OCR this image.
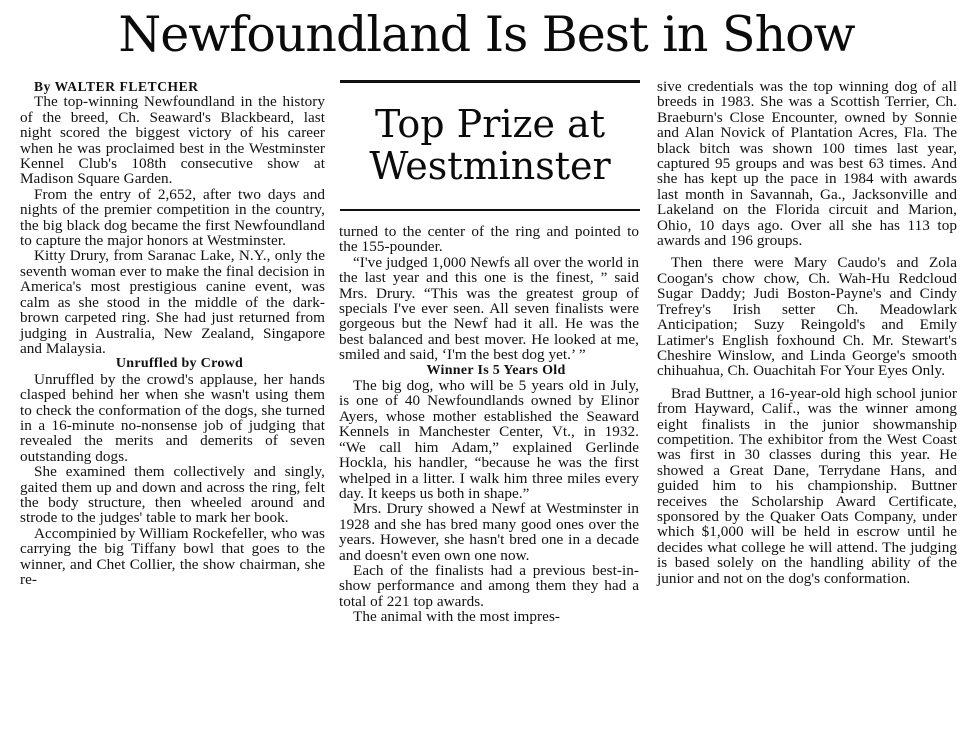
Newfoundland Is Best in Show

By WALTER FLETCHER

The top-winning Newfoundland in the history of the breed, Ch. Seaward's Blackbeard, last night scored the biggest victory of his career when he was proclaimed best in the Westminster Kennel Club's 108th consecutive show at Madison Square Garden.

From the entry of 2,652, after two days and nights of the premier competition in the country, the big black dog became the first Newfoundland to capture the major honors at Westminster.

Kitty Drury, from Saranac Lake, N.Y., only the seventh woman ever to make the final decision in America's most prestigious canine event, was calm as she stood in the middle of the dark-brown carpeted ring. She had just returned from judging in Australia, New Zealand, Singapore and Malaysia.

Unruffled by Crowd

Unruffled by the crowd's applause, her hands clasped behind her when she wasn't using them to check the conformation of the dogs, she turned in a 16-minute no-nonsense job of judging that revealed the merits and demerits of seven outstanding dogs.

She examined them collectively and singly, gaited them up and down and across the ring, felt the body structure, then wheeled around and strode to the judges' table to mark her book.

Accompinied by William Rockefeller, who was carrying the big Tiffany bowl that goes to the winner, and Chet Collier, the show chairman, she re-

Top Prize at
Westminster

turned to the center of the ring and pointed to the 155-pounder.

“I've judged 1,000 Newfs all over the world in the last year and this one is the finest, ” said Mrs. Drury. “This was the greatest group of specials I've ever seen. All seven finalists were gorgeous but the Newf had it all. He was the best balanced and best mover. He looked at me, smiled and said, ‘I'm the best dog yet.’ ”

Winner Is 5 Years Old

The big dog, who will be 5 years old in July, is one of 40 Newfoundlands owned by Elinor Ayers, whose mother established the Seaward Kennels in Manchester Center, Vt., in 1932. “We call him Adam,” explained Gerlinde Hockla, his handler, “because he was the first whelped in a litter. I walk him three miles every day. It keeps us both in shape.”

Mrs. Drury showed a Newf at Westminster in 1928 and she has bred many good ones over the years. However, she hasn't bred one in a decade and doesn't even own one now.

Each of the finalists had a previous best-in-show performance and among them they had a total of 221 top awards.

The animal with the most impres-

sive credentials was the top winning dog of all breeds in 1983. She was a Scottish Terrier, Ch. Braeburn's Close Encounter, owned by Sonnie and Alan Novick of Plantation Acres, Fla. The black bitch was shown 100 times last year, captured 95 groups and was best 63 times. And she has kept up the pace in 1984 with awards last month in Savannah, Ga., Jacksonville and Lakeland on the Florida circuit and Marion, Ohio, 10 days ago. Over all she has 113 top awards and 196 groups.

Then there were Mary Caudo's and Zola Coogan's chow chow, Ch. Wah-Hu Redcloud Sugar Daddy; Judi Boston-Payne's and Cindy Trefrey's Irish setter Ch. Meadowlark Anticipation; Suzy Reingold's and Emily Latimer's English foxhound Ch. Mr. Stewart's Cheshire Winslow, and Linda George's smooth chihuahua, Ch. Ouachitah For Your Eyes Only.

Brad Buttner, a 16-year-old high school junior from Hayward, Calif., was the winner among eight finalists in the junior showmanship competition. The exhibitor from the West Coast was first in 30 classes during this year. He showed a Great Dane, Terrydane Hans, and guided him to his championship. Buttner receives the Scholarship Award Certificate, sponsored by the Quaker Oats Company, under which $1,000 will be held in escrow until he decides what college he will attend. The judging is based solely on the handling ability of the junior and not on the dog's conformation.
